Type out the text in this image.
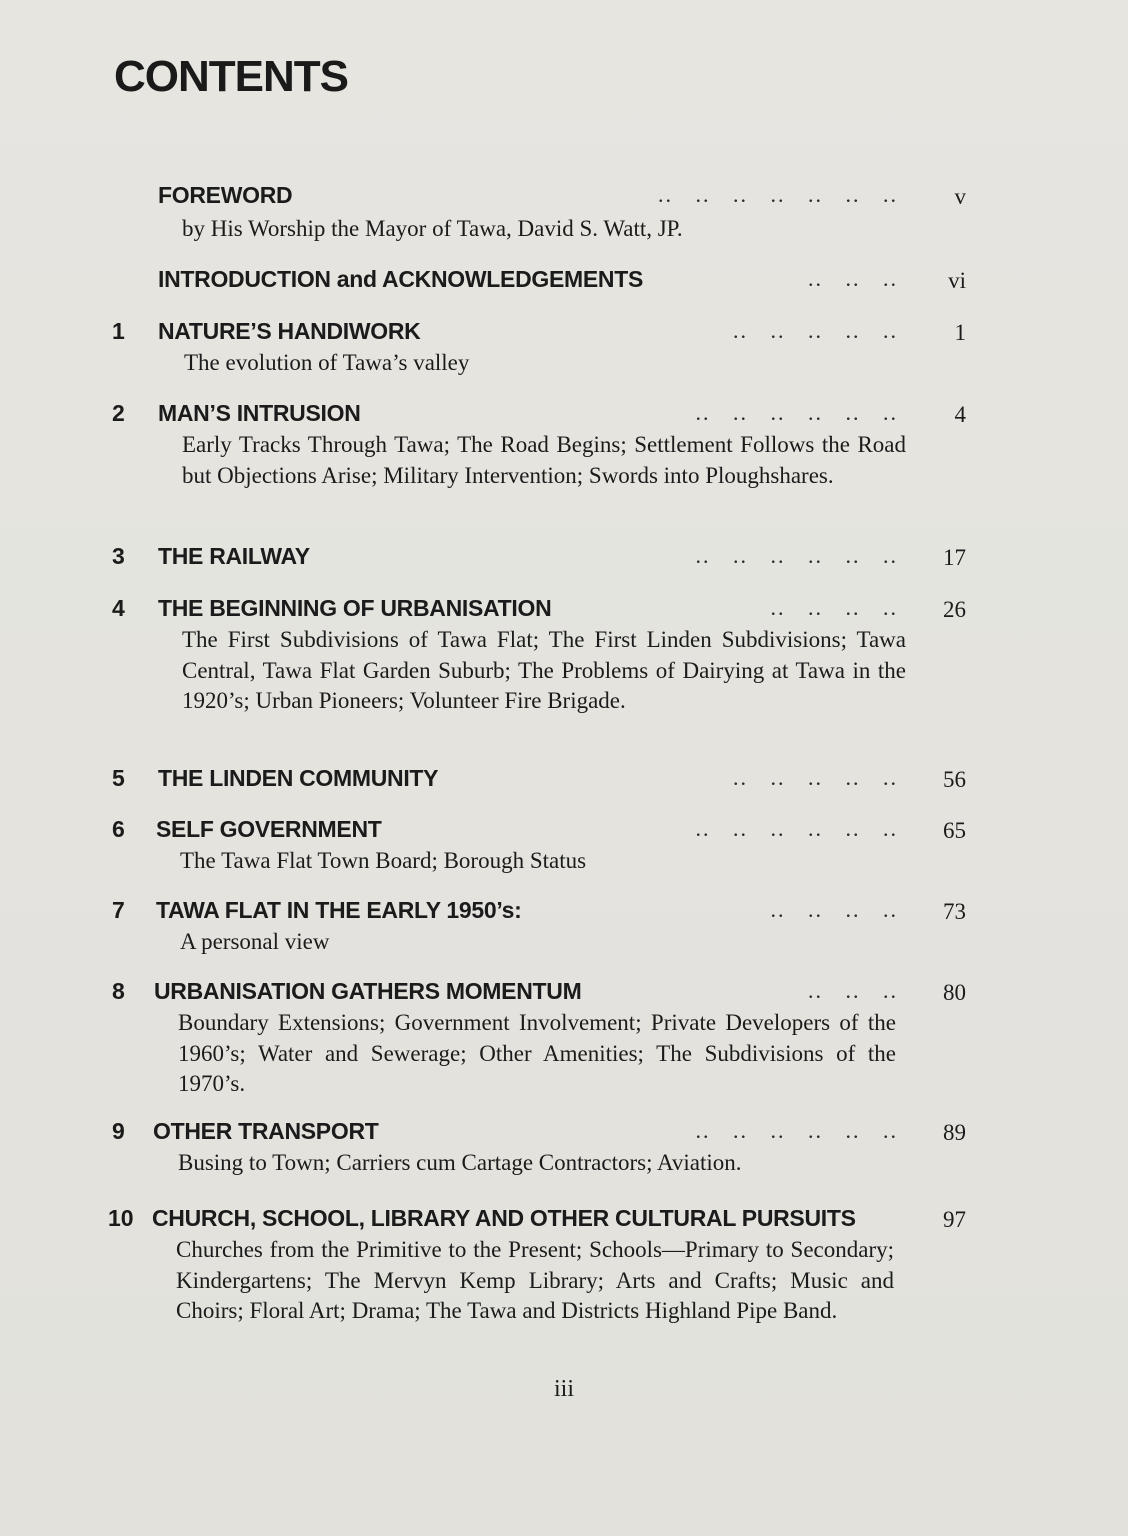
CONTENTS
FOREWORD	..   ..   ..   ..   ..   ..   .. v
by His Worship the Mayor of Tawa, David S. Watt, JP.
INTRODUCTION and ACKNOWLEDGEMENTS	..   ..   .. vi
1 NATURE’S HANDIWORK	..   ..   ..   ..   .. 1
The evolution of Tawa’s valley
2 MAN’S INTRUSION	..   ..   ..   ..   ..   .. 4
Early Tracks Through Tawa; The Road Begins; Settlement Follows the Road but Objections Arise; Military Intervention; Swords into Ploughshares.
3 THE RAILWAY	..   ..   ..   ..   ..   .. 17
4 THE BEGINNING OF URBANISATION	..   ..   ..   .. 26
The First Subdivisions of Tawa Flat; The First Linden Subdivisions; Tawa Central, Tawa Flat Garden Suburb; The Problems of Dairying at Tawa in the 1920’s; Urban Pioneers; Volunteer Fire Brigade.
5 THE LINDEN COMMUNITY	..   ..   ..   ..   .. 56
6 SELF GOVERNMENT	..   ..   ..   ..   ..   .. 65
The Tawa Flat Town Board; Borough Status
7 TAWA FLAT IN THE EARLY 1950’s:	..   ..   ..   .. 73
A personal view
8 URBANISATION GATHERS MOMENTUM	..   ..   .. 80
Boundary Extensions; Government Involvement; Private Developers of the 1960’s; Water and Sewerage; Other Amenities; The Subdivisions of the 1970’s.
9 OTHER TRANSPORT	..   ..   ..   ..   ..   .. 89
Busing to Town; Carriers cum Cartage Contractors; Aviation.
10 CHURCH, SCHOOL, LIBRARY AND OTHER CULTURAL PURSUITS	97
Churches from the Primitive to the Present; Schools—Primary to Secondary; Kindergartens; The Mervyn Kemp Library; Arts and Crafts; Music and Choirs; Floral Art; Drama; The Tawa and Districts Highland Pipe Band.
iii
